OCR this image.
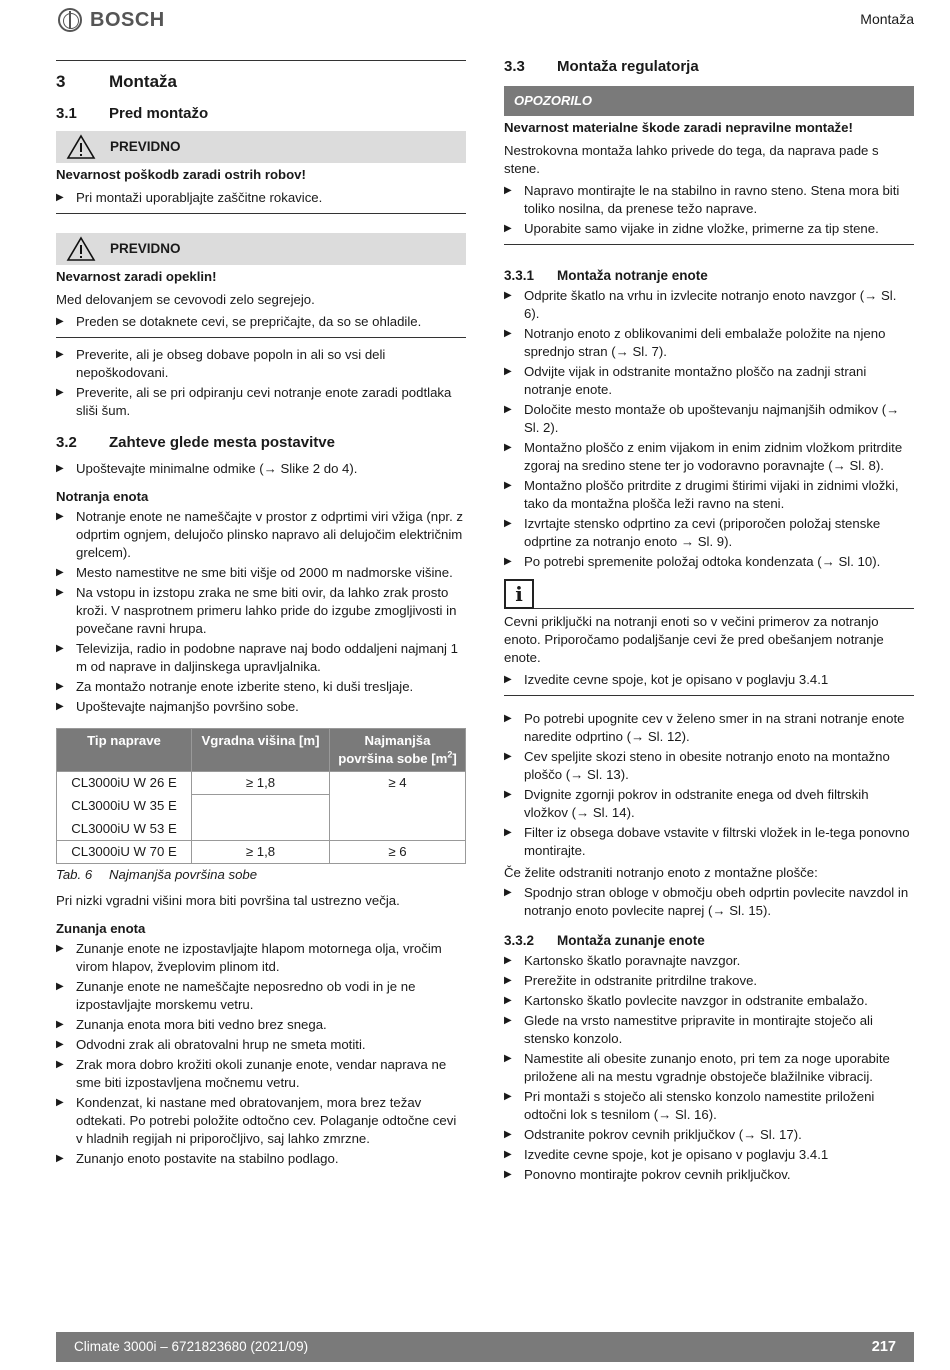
BOSCH	Montaža
3	Montaža
3.1	Pred montažo
PREVIDNO
Nevarnost poškodb zaradi ostrih robov!
▶ Pri montaži uporabljajte zaščitne rokavice.
PREVIDNO
Nevarnost zaradi opeklin!
Med delovanjem se cevovodi zelo segrejejo.
▶ Preden se dotaknete cevi, se prepričajte, da so se ohladile.
▶ Preverite, ali je obseg dobave popoln in ali so vsi deli nepoškodovani.
▶ Preverite, ali se pri odpiranju cevi notranje enote zaradi podtlaka sliši šum.
3.2	Zahteve glede mesta postavitve
▶ Upoštevajte minimalne odmike (→ Slike 2 do 4).
Notranja enota
▶ Notranje enote ne nameščajte v prostor z odprtimi viri vžiga (npr. z odprtim ognjem, delujočo plinsko napravo ali delujočim električnim grelcem).
▶ Mesto namestitve ne sme biti višje od 2000 m nadmorske višine.
▶ Na vstopu in izstopu zraka ne sme biti ovir, da lahko zrak prosto kroži. V nasprotnem primeru lahko pride do izgube zmogljivosti in povečane ravni hrupa.
▶ Televizija, radio in podobne naprave naj bodo oddaljeni najmanj 1 m od naprave in daljinskega upravljalnika.
▶ Za montažo notranje enote izberite steno, ki duši tresljaje.
▶ Upoštevajte najmanjšo površino sobe.
Tip naprave	Vgradna višina [m]	Najmanjša površina sobe $[m^2]$
CL3000iU W 26 E	≥ 1,8	≥ 4
CL3000iU W 35 E		
CL3000iU W 53 E		
CL3000iU W 70 E	≥ 1,8	≥ 6
Tab. 6	Najmanjša površina sobe
Pri nizki vgradni višini mora biti površina tal ustrezno večja.
Zunanja enota
▶ Zunanje enote ne izpostavljajte hlapom motornega olja, vročim virom hlapov, žveplovim plinom itd.
▶ Zunanje enote ne nameščajte neposredno ob vodi in je ne izpostavljajte morskemu vetru.
▶ Zunanja enota mora biti vedno brez snega.
▶ Odvodni zrak ali obratovalni hrup ne smeta motiti.
▶ Zrak mora dobro krožiti okoli zunanje enote, vendar naprava ne sme biti izpostavljena močnemu vetru.
▶ Kondenzat, ki nastane med obratovanjem, mora brez težav odtekati. Po potrebi položite odtočno cev. Polaganje odtočne cevi v hladnih regijah ni priporočljivo, saj lahko zmrzne.
▶ Zunanjo enoto postavite na stabilno podlago.
3.3	Montaža regulatorja
OPOZORILO
Nevarnost materialne škode zaradi nepravilne montaže!
Nestrokovna montaža lahko privede do tega, da naprava pade s stene.
▶ Napravo montirajte le na stabilno in ravno steno. Stena mora biti toliko nosilna, da prenese težo naprave.
▶ Uporabite samo vijake in zidne vložke, primerne za tip stene.
3.3.1	Montaža notranje enote
▶ Odprite škatlo na vrhu in izvlecite notranjo enoto navzgor (→ Sl. 6).
▶ Notranjo enoto z oblikovanimi deli embalaže položite na njeno sprednjo stran (→ Sl. 7).
▶ Odvijte vijak in odstranite montažno ploščo na zadnji strani notranje enote.
▶ Določite mesto montaže ob upoštevanju najmanjših odmikov (→ Sl. 2).
▶ Montažno ploščo z enim vijakom in enim zidnim vložkom pritrdite zgoraj na sredino stene ter jo vodoravno poravnajte (→ Sl. 8).
▶ Montažno ploščo pritrdite z drugimi štirimi vijaki in zidnimi vložki, tako da montažna plošča leži ravno na steni.
▶ Izvrtajte stensko odprtino za cevi (priporočen položaj stenske odprtine za notranjo enoto → Sl. 9).
▶ Po potrebi spremenite položaj odtoka kondenzata (→ Sl. 10).
i
Cevni priključki na notranji enoti so v večini primerov za notranjo enoto. Priporočamo podaljšanje cevi že pred obešanjem notranje enote.
▶ Izvedite cevne spoje, kot je opisano v poglavju 3.4.1
▶ Po potrebi upognite cev v želeno smer in na strani notranje enote naredite odprtino (→ Sl. 12).
▶ Cev speljite skozi steno in obesite notranjo enoto na montažno ploščo (→ Sl. 13).
▶ Dvignite zgornji pokrov in odstranite enega od dveh filtrskih vložkov (→ Sl. 14).
▶ Filter iz obsega dobave vstavite v filtrski vložek in le-tega ponovno montirajte.
Če želite odstraniti notranjo enoto z montažne plošče:
▶ Spodnjo stran obloge v območju obeh odprtin povlecite navzdol in notranjo enoto povlecite naprej (→ Sl. 15).
3.3.2	Montaža zunanje enote
▶ Kartonsko škatlo poravnajte navzgor.
▶ Prerežite in odstranite pritrdilne trakove.
▶ Kartonsko škatlo povlecite navzgor in odstranite embalažo.
▶ Glede na vrsto namestitve pripravite in montirajte stoječo ali stensko konzolo.
▶ Namestite ali obesite zunanjo enoto, pri tem za noge uporabite priložene ali na mestu vgradnje obstoječe blažilnike vibracij.
▶ Pri montaži s stoječo ali stensko konzolo namestite priloženi odtočni lok s tesnilom (→ Sl. 16).
▶ Odstranite pokrov cevnih priključkov (→ Sl. 17).
▶ Izvedite cevne spoje, kot je opisano v poglavju 3.4.1
▶ Ponovno montirajte pokrov cevnih priključkov.
Climate 3000i – 6721823680 (2021/09)	217
